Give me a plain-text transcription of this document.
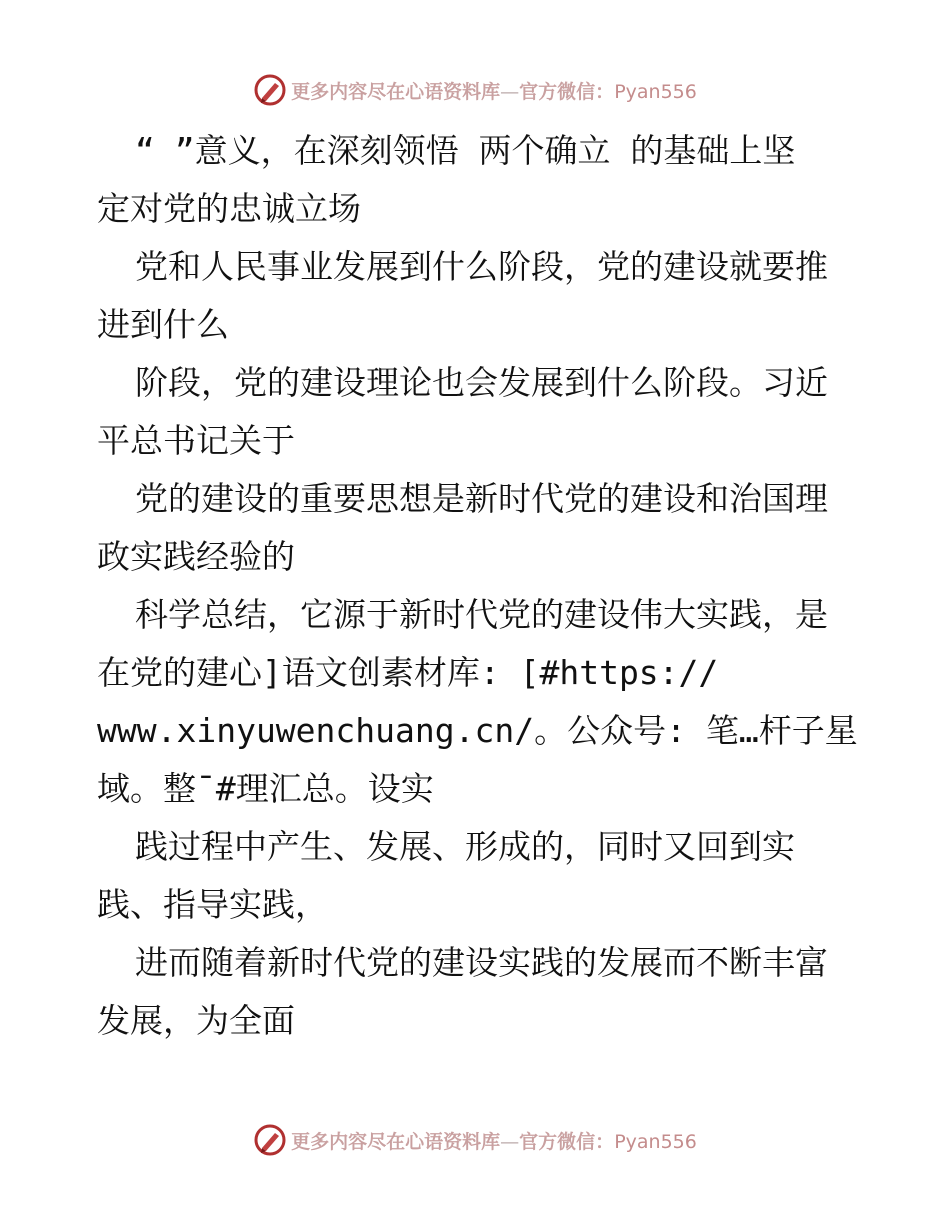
更多内容尽在心语资料库—官方微信：Pyan556

“ ”意义，在深刻领悟 两个确立 的基础上坚

定对党的忠诚立场

党和人民事业发展到什么阶段，党的建设就要推

进到什么

阶段，党的建设理论也会发展到什么阶段。习近

平总书记关于

党的建设的重要思想是新时代党的建设和治国理

政实践经验的

科学总结，它源于新时代党的建设伟大实践，是

在党的建心]语文创素材库: [#https://

www.xinyuwenchuang.cn/。公众号: 笔…杆子星

域。整¯#理汇总。设实

践过程中产生、发展、形成的，同时又回到实

践、指导实践，

进而随着新时代党的建设实践的发展而不断丰富

发展，为全面

更多内容尽在心语资料库—官方微信：Pyan556
